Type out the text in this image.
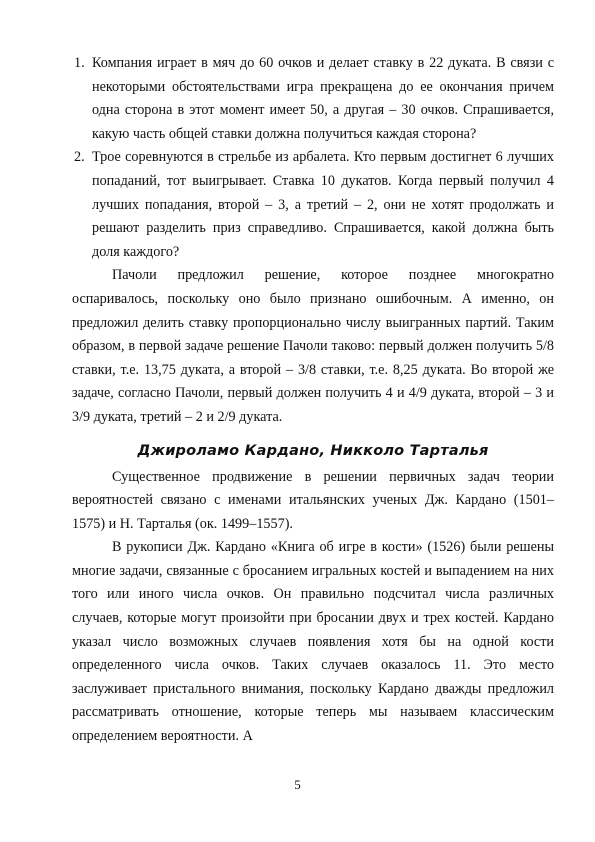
1. Компания играет в мяч до 60 очков и делает ставку в 22 дуката. В связи с некоторыми обстоятельствами игра прекращена до ее окончания причем одна сторона в этот момент имеет 50, а другая – 30 очков. Спрашивается, какую часть общей ставки должна получиться каждая сторона?
2. Трое соревнуются в стрельбе из арбалета. Кто первым достигнет 6 лучших попаданий, тот выигрывает. Ставка 10 дукатов. Когда первый получил 4 лучших попадания, второй – 3, а третий – 2, они не хотят продолжать и решают разделить приз справедливо. Спрашивается, какой должна быть доля каждого?

Пачоли предложил решение, которое позднее многократно оспаривалось, поскольку оно было признано ошибочным. А именно, он предложил делить ставку пропорционально числу выигранных партий. Таким образом, в первой задаче решение Пачоли таково: первый должен получить 5/8 ставки, т.е. 13,75 дуката, а второй – 3/8 ставки, т.е. 8,25 дуката. Во второй же задаче, согласно Пачоли, первый должен получить 4 и 4/9 дуката, второй – 3 и 3/9 дуката, третий – 2 и 2/9 дуката.

Джироламо Кардано, Никколо Тарталья

Существенное продвижение в решении первичных задач теории вероятностей связано с именами итальянских ученых Дж. Кардано (1501–1575) и Н. Тарталья (ок. 1499–1557).

В рукописи Дж. Кардано «Книга об игре в кости» (1526) были решены многие задачи, связанные с бросанием игральных костей и выпадением на них того или иного числа очков. Он правильно подсчитал числа различных случаев, которые могут произойти при бросании двух и трех костей. Кардано указал число возможных случаев появления хотя бы на одной кости определенного числа очков. Таких случаев оказалось 11. Это место заслуживает пристального внимания, поскольку Кардано дважды предложил рассматривать отношение, которые теперь мы называем классическим определением вероятности. А

5
